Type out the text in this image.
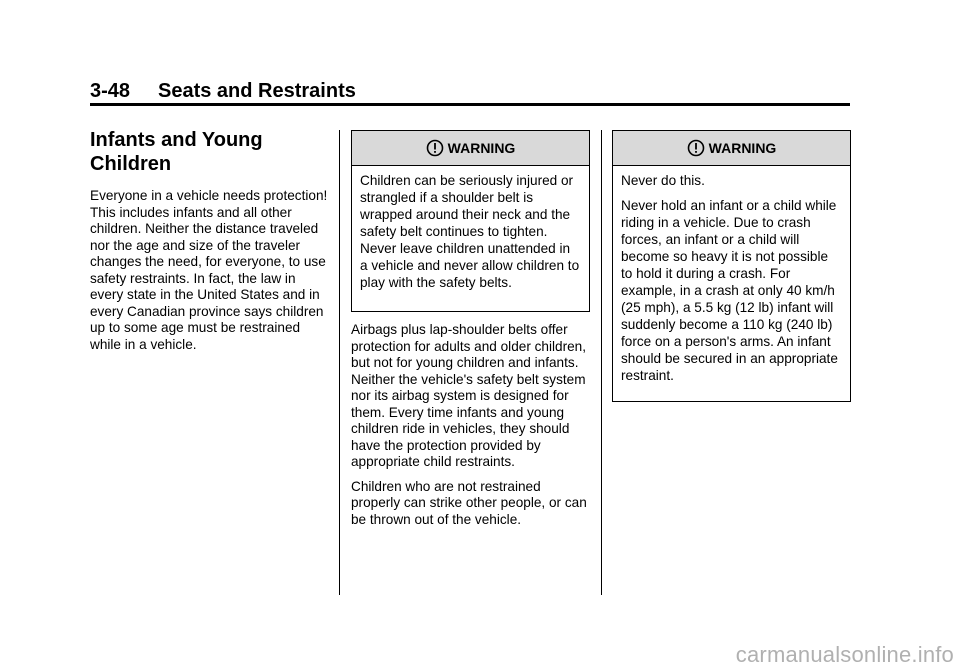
3-48 Seats and Restraints
Infants and Young
Children

Everyone in a vehicle needs protection! This includes infants and all other children. Neither the distance traveled nor the age and size of the traveler changes the need, for everyone, to use safety restraints. In fact, the law in every state in the United States and in every Canadian province says children up to some age must be restrained while in a vehicle.

WARNING

Children can be seriously injured or strangled if a shoulder belt is wrapped around their neck and the safety belt continues to tighten. Never leave children unattended in a vehicle and never allow children to play with the safety belts.

Airbags plus lap-shoulder belts offer protection for adults and older children, but not for young children and infants. Neither the vehicle's safety belt system nor its airbag system is designed for them. Every time infants and young children ride in vehicles, they should have the protection provided by appropriate child restraints.

Children who are not restrained properly can strike other people, or can be thrown out of the vehicle.

WARNING

Never do this.

Never hold an infant or a child while riding in a vehicle. Due to crash forces, an infant or a child will become so heavy it is not possible to hold it during a crash. For example, in a crash at only 40 km/h (25 mph), a 5.5 kg (12 lb) infant will suddenly become a 110 kg (240 lb) force on a person's arms. An infant should be secured in an appropriate restraint.

carmanualsonline.info
